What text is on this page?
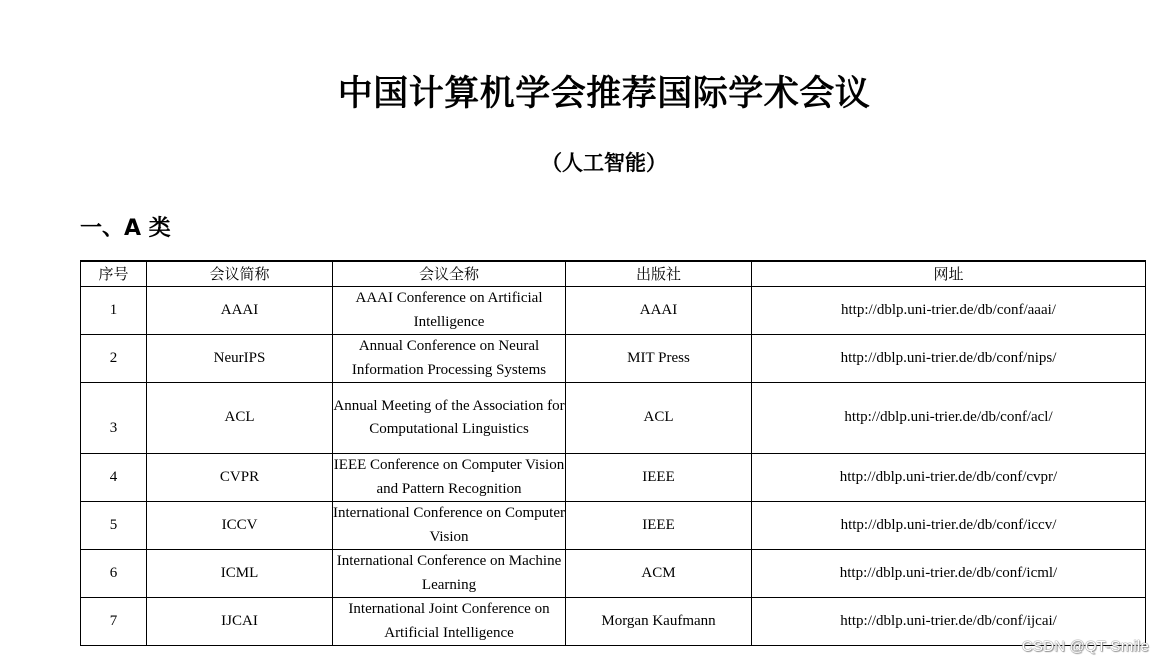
中国计算机学会推荐国际学术会议
（人工智能）
一、A 类
序号	会议简称	会议全称	出版社	网址
1	AAAI	AAAI Conference on Artificial Intelligence	AAAI	http://dblp.uni-trier.de/db/conf/aaai/
2	NeurIPS	Annual Conference on Neural Information Processing Systems	MIT Press	http://dblp.uni-trier.de/db/conf/nips/
3	ACL	Annual Meeting of the Association for Computational Linguistics	ACL	http://dblp.uni-trier.de/db/conf/acl/
4	CVPR	IEEE Conference on Computer Vision and Pattern Recognition	IEEE	http://dblp.uni-trier.de/db/conf/cvpr/
5	ICCV	International Conference on Computer Vision	IEEE	http://dblp.uni-trier.de/db/conf/iccv/
6	ICML	International Conference on Machine Learning	ACM	http://dblp.uni-trier.de/db/conf/icml/
7	IJCAI	International Joint Conference on Artificial Intelligence	Morgan Kaufmann	http://dblp.uni-trier.de/db/conf/ijcai/
CSDN @QT-Smile
